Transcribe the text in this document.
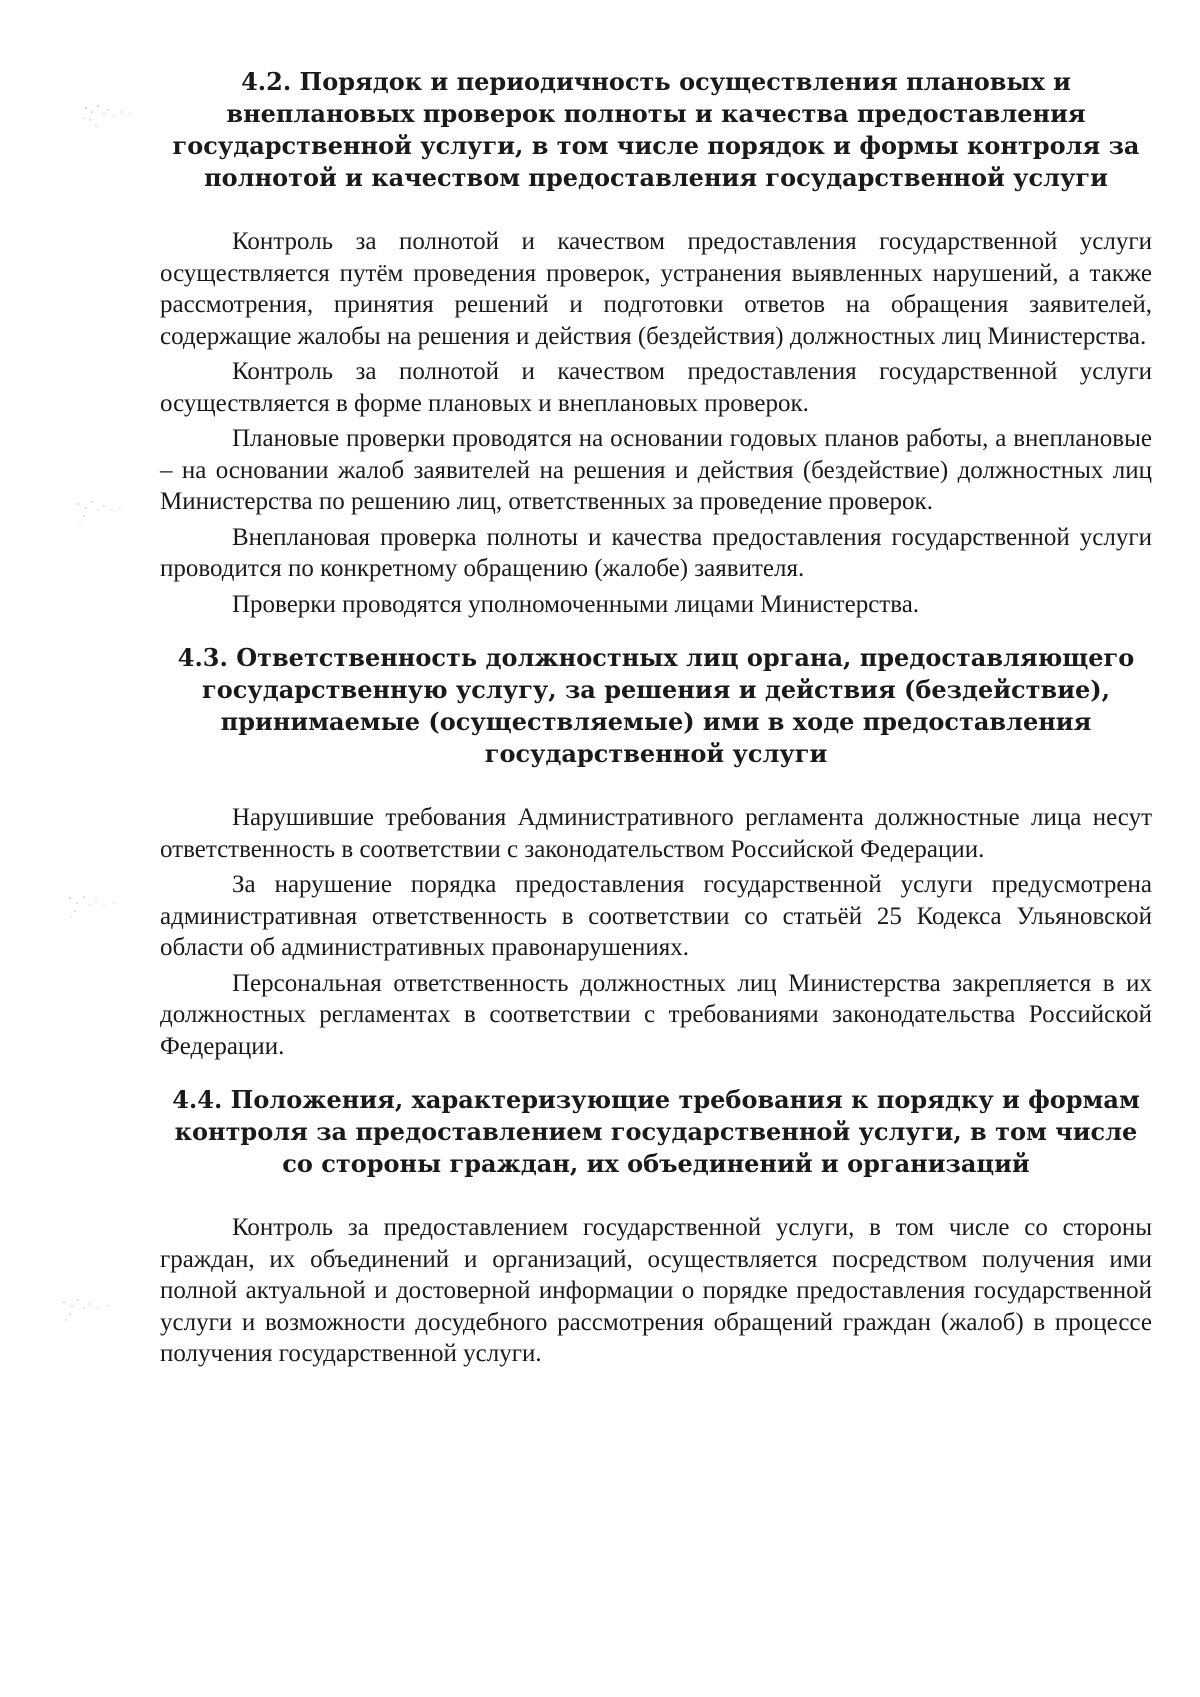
4.2. Порядок и периодичность осуществления плановых и внеплановых проверок полноты и качества предоставления государственной услуги, в том числе порядок и формы контроля за полнотой и качеством предоставления государственной услуги

Контроль за полнотой и качеством предоставления государственной услуги осуществляется путём проведения проверок, устранения выявленных нарушений, а также рассмотрения, принятия решений и подготовки ответов на обращения заявителей, содержащие жалобы на решения и действия (бездействия) должностных лиц Министерства.

Контроль за полнотой и качеством предоставления государственной услуги осуществляется в форме плановых и внеплановых проверок.

Плановые проверки проводятся на основании годовых планов работы, а внеплановые – на основании жалоб заявителей на решения и действия (бездействие) должностных лиц Министерства по решению лиц, ответственных за проведение проверок.

Внеплановая проверка полноты и качества предоставления государственной услуги проводится по конкретному обращению (жалобе) заявителя.

Проверки проводятся уполномоченными лицами Министерства.

4.3. Ответственность должностных лиц органа, предоставляющего государственную услугу, за решения и действия (бездействие), принимаемые (осуществляемые) ими в ходе предоставления государственной услуги

Нарушившие требования Административного регламента должностные лица несут ответственность в соответствии с законодательством Российской Федерации.

За нарушение порядка предоставления государственной услуги предусмотрена административная ответственность в соответствии со статьёй 25 Кодекса Ульяновской области об административных правонарушениях.

Персональная ответственность должностных лиц Министерства закрепляется в их должностных регламентах в соответствии с требованиями законодательства Российской Федерации.

4.4. Положения, характеризующие требования к порядку и формам контроля за предоставлением государственной услуги, в том числе со стороны граждан, их объединений и организаций

Контроль за предоставлением государственной услуги, в том числе со стороны граждан, их объединений и организаций, осуществляется посредством получения ими полной актуальной и достоверной информации о порядке предоставления государственной услуги и возможности досудебного рассмотрения обращений граждан (жалоб) в процессе получения государственной услуги.
